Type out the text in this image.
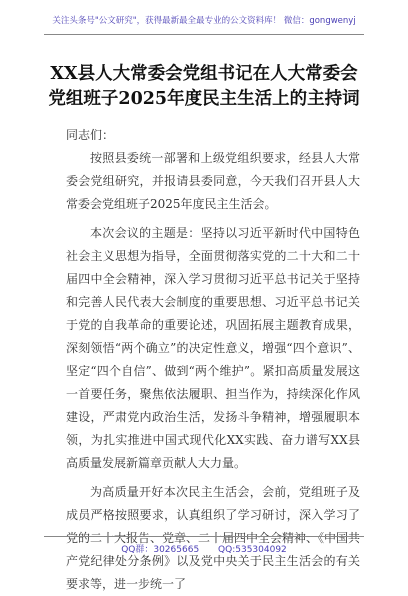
关注头条号"公文研究"，获得最新最全最专业的公文资料库！ 微信：gongwenyj
XX县人大常委会党组书记在人大常委会
党组班子2025年度民主生活上的主持词

同志们：

按照县委统一部署和上级党组织要求，经县人大常委会党组研究，并报请县委同意，今天我们召开县人大常委会党组班子2025年度民主生活会。

本次会议的主题是：坚持以习近平新时代中国特色社会主义思想为指导，全面贯彻落实党的二十大和二十届四中全会精神，深入学习贯彻习近平总书记关于坚持和完善人民代表大会制度的重要思想、习近平总书记关于党的自我革命的重要论述，巩固拓展主题教育成果，深刻领悟“两个确立”的决定性意义，增强“四个意识”、坚定“四个自信”、做到“两个维护”。紧扣高质量发展这一首要任务，聚焦依法履职、担当作为，持续深化作风建设，严肃党内政治生活，发扬斗争精神，增强履职本领，为扎实推进中国式现代化XX实践、奋力谱写XX县高质量发展新篇章贡献人大力量。

为高质量开好本次民主生活会，会前，党组班子及成员严格按照要求，认真组织了学习研讨，深入学习了党的二十大报告、党章、二十届四中全会精神、《中国共产党纪律处分条例》以及党中央关于民主生活会的有关要求等，进一步统一了

QQ群：30265665 QQ:535304092
